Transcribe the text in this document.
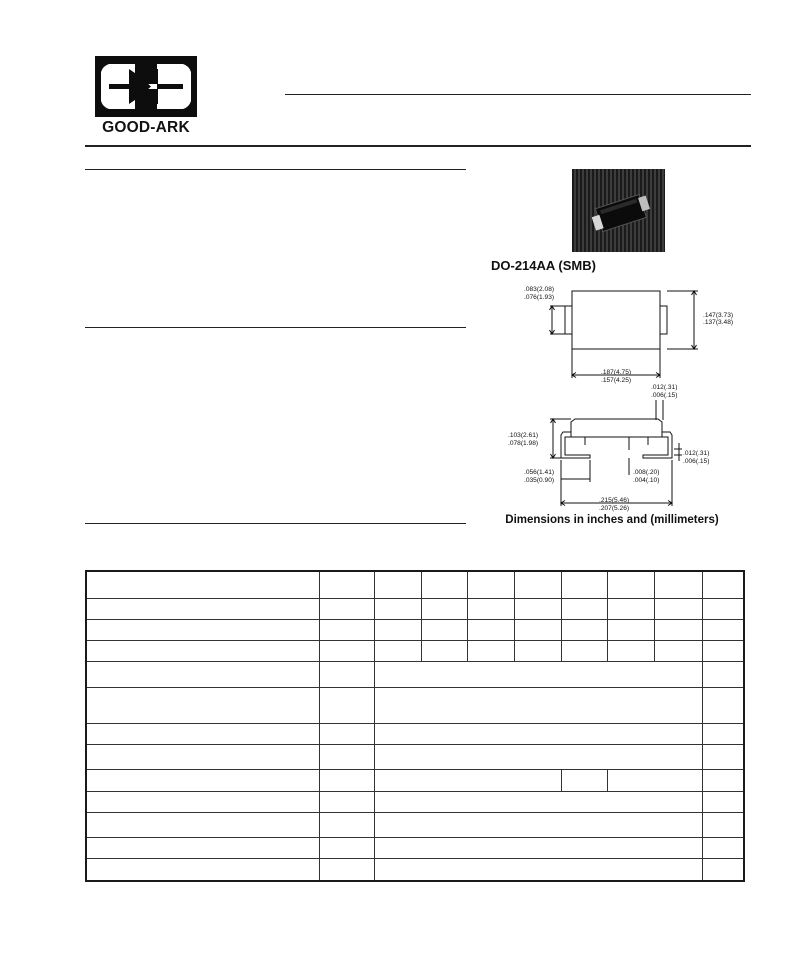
GOOD-ARK
DO-214AA (SMB)
.083(2.08)
.076(1.93)
.147(3.73)
.137(3.48)
.187(4.75)
.157(4.25)
.012(.31)
.006(.15)
.103(2.61)
.078(1.98)
.012(.31)
.006(.15)
.056(1.41)
.035(0.90)
.008(.20)
.004(.10)
.215(5.46)
.207(5.26)
Dimensions in inches and (millimeters)
